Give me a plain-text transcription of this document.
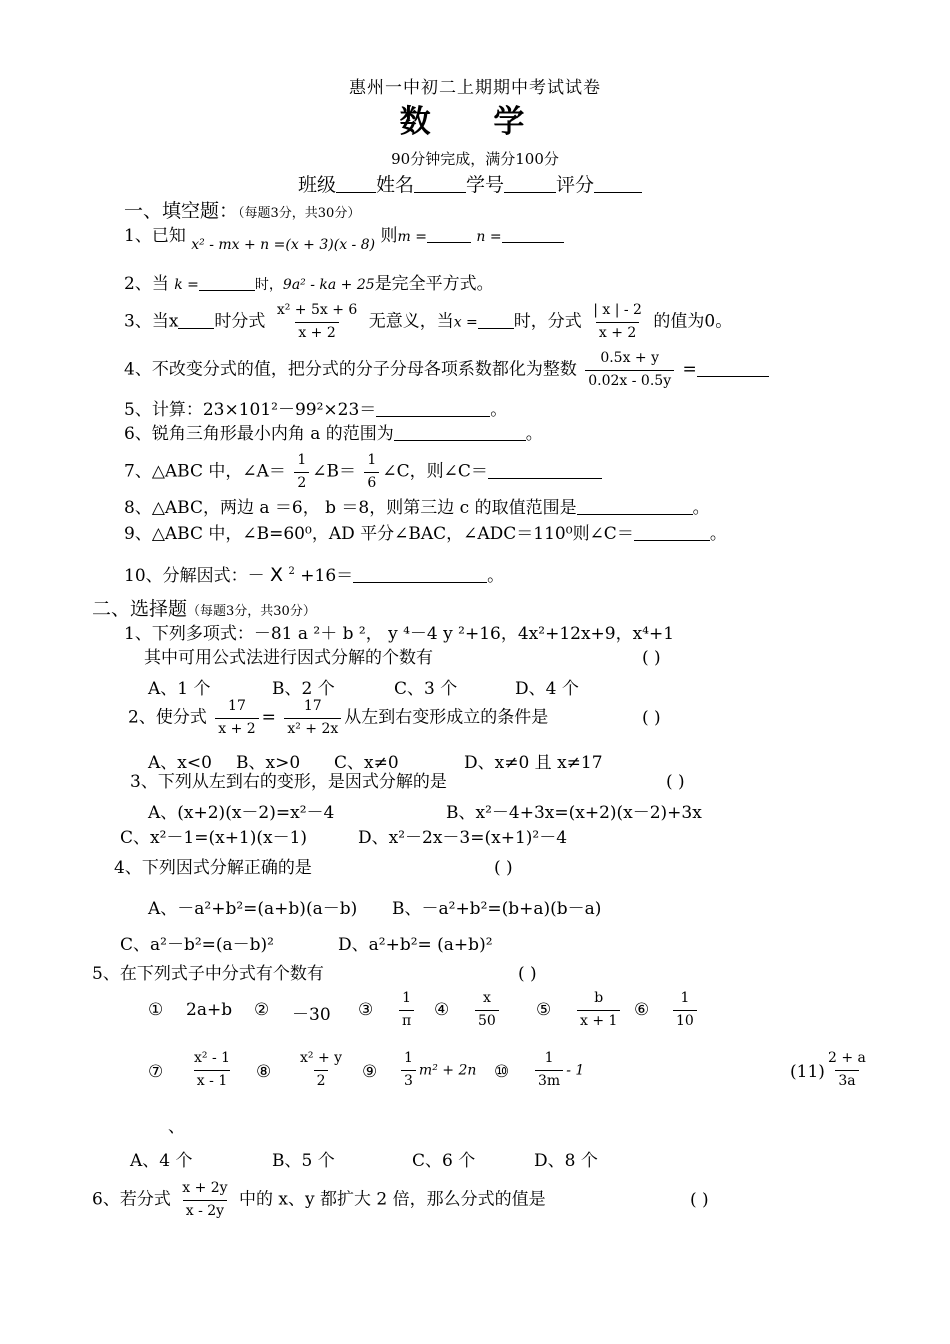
惠州一中初二上期期中考试试卷
数 学
90分钟完成，满分100分
班级 姓名	学号	评分
一、填空题：（每题3分，共30分）
1、已知 $_{x^2 - mx + n =(x + 3)(x - 8)}$ 则m =	n =
2、当 k =	时，9a² - ka + 25是完全平方式。
3、当x 时分式 $\frac{\text{x² + 5x + 6}}{x + 2}$ 无意义，当x = 时，分式 $\frac{| x | - 2}{x + 2}$ 的值为0。
4、不改变分式的值，把分式的分子分母各项系数都化为整数 $\frac{0.5x + y}{0.02x - 0.5y}$ =
5、计算：23×101²－99²×23＝	。
6、锐角三角形最小内角 a 的范围为	。
7、△ABC 中，∠A＝ $\frac{1}{2}$ ∠B＝ $\frac{1}{6}$ ∠C，则∠C＝
8、△ABC，两边 a ＝6， b ＝8，则第三边 c 的取值范围是	。
9、△ABC 中，∠B=60⁰，AD 平分∠BAC，∠ADC＝110⁰则∠C＝	。
10、分解因式：－ X $^2$ +16＝	。
二、选择题（每题3分，共30分）
1、下列多项式：－81 a ²＋ b ²， y ⁴－4 y ²+16，4x²+12x+9，x⁴+1
其中可用公式法进行因式分解的个数有	( )
A、1 个	B、2 个	C、3 个	D、4 个
2、使分式 $\frac{17}{x + 2} = \frac{17}{\text{x² + 2x}}$ 从左到右变形成立的条件是	( )
A、x<0 B、x>0 C、x≠0	D、x≠0 且 x≠17
3、下列从左到右的变形，是因式分解的是	( )
A、(x+2)(x－2)=x²－4	B、x²－4+3x=(x+2)(x－2)+3x
C、x²－1=(x+1)(x－1)	D、x²－2x－3=(x+1)²－4
4、下列因式分解正确的是	( )
A、－a²+b²=(a+b)(a－b) B、－a²+b²=(b+a)(b－a)
C、a²－b²=(a－b)²	D、a²+b²= (a+b)²
5、在下列式子中分式有个数有	( )
① 2a+b ② －30 ③ $\frac{1}{\pi}$ ④ $\frac{x}{50}$ ⑤ $\frac{b}{x + 1}$ ⑥ $\frac{1}{10}$
⑦ $\frac{\text{x² - 1}}{x - 1}$ ⑧ $\frac{\text{x² + y}}{2}$ ⑨ $\frac{1}{3} m^2 + 2n$ ⑩ $\frac{1}{3m} - 1$	$(11) \frac{2 + a}{3a}$
、
A、4 个	B、5 个	C、6 个	D、8 个
6、若分式 $\frac{x + 2y}{x - 2y}$ 中的 x、y 都扩大 2 倍，那么分式的值是	( )
